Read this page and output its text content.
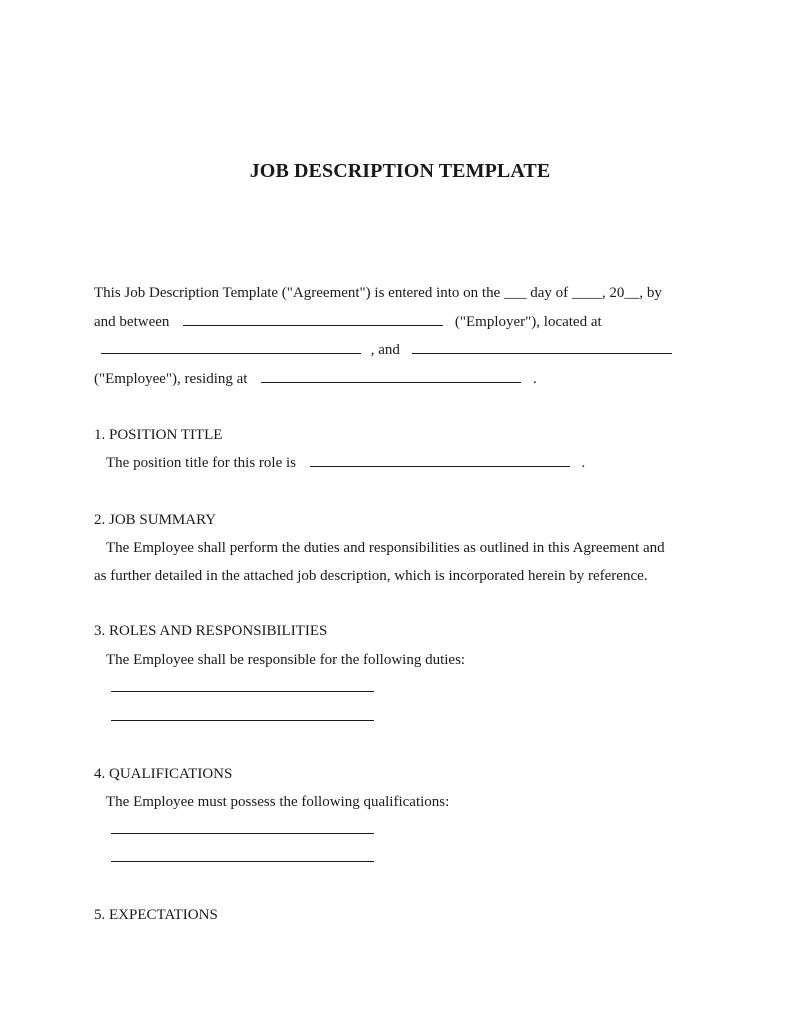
JOB DESCRIPTION TEMPLATE
This Job Description Template ("Agreement") is entered into on the ___ day of ____, 20__, by
and between	("Employer"), located at
, and
("Employee"), residing at	.
1. POSITION TITLE
The position title for this role is	.
2. JOB SUMMARY
The Employee shall perform the duties and responsibilities as outlined in this Agreement and
as further detailed in the attached job description, which is incorporated herein by reference.
3. ROLES AND RESPONSIBILITIES
The Employee shall be responsible for the following duties:
4. QUALIFICATIONS
The Employee must possess the following qualifications:
5. EXPECTATIONS
